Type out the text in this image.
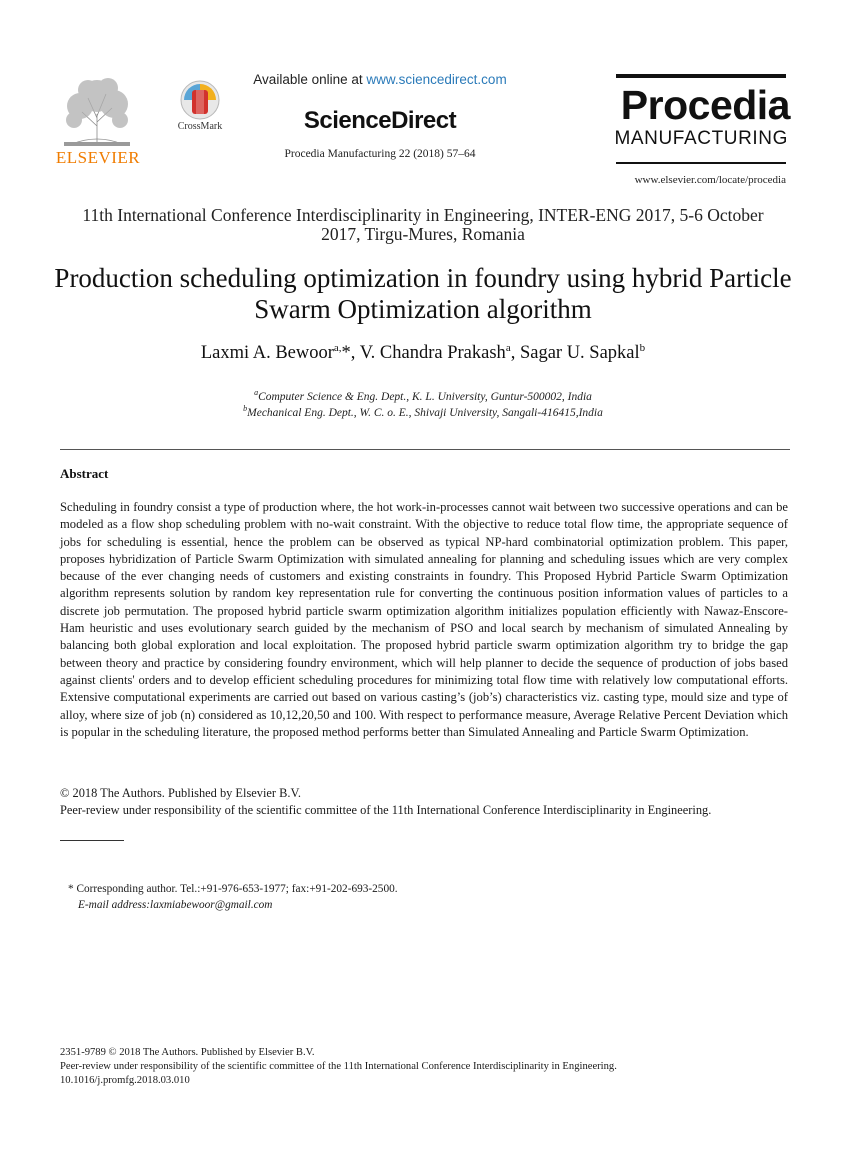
ELSEVIER
CrossMark
Available online at www.sciencedirect.com
ScienceDirect
Procedia Manufacturing 22 (2018) 57–64
Procedia
MANUFACTURING
www.elsevier.com/locate/procedia
11th International Conference Interdisciplinarity in Engineering, INTER-ENG 2017, 5-6 October
2017, Tirgu-Mures, Romania
Production scheduling optimization in foundry using hybrid Particle
Swarm Optimization algorithm
Laxmi A. Bewoor$^{a,}$*, V. Chandra Prakash$^a$, Sagar U. Sapkal$^b$
$^a$Computer Science & Eng. Dept., K. L. University, Guntur-500002, India
$^b$Mechanical Eng. Dept., W. C. o. E., Shivaji University, Sangali-416415,India
Abstract

Scheduling in foundry consist a type of production where, the hot work-in-processes cannot wait between two successive operations and can be modeled as a flow shop scheduling problem with no-wait constraint. With the objective to reduce total flow time, the appropriate sequence of jobs for scheduling is essential, hence the problem can be observed as typical NP-hard combinatorial optimization problem. This paper, proposes hybridization of Particle Swarm Optimization with simulated annealing for planning and scheduling issues which are very complex because of the ever changing needs of customers and existing constraints in foundry. This Proposed Hybrid Particle Swarm Optimization algorithm represents solution by random key representation rule for converting the continuous position information values of particles to a discrete job permutation. The proposed hybrid particle swarm optimization algorithm initializes population efficiently with Nawaz-Enscore-Ham heuristic and uses evolutionary search guided by the mechanism of PSO and local search by mechanism of simulated Annealing by balancing both global exploration and local exploitation. The proposed hybrid particle swarm optimization algorithm try to bridge the gap between theory and practice by considering foundry environment, which will help planner to decide the sequence of production of jobs based against clients' orders and to develop efficient scheduling procedures for minimizing total flow time with relatively low computational efforts. Extensive computational experiments are carried out based on various casting’s (job’s) characteristics viz. casting type, mould size and type of alloy, where size of job (n) considered as 10,12,20,50 and 100. With respect to performance measure, Average Relative Percent Deviation which is popular in the scheduling literature, the proposed method performs better than Simulated Annealing and Particle Swarm Optimization.

© 2018 The Authors. Published by Elsevier B.V.
Peer-review under responsibility of the scientific committee of the 11th International Conference Interdisciplinarity in Engineering.
* Corresponding author. Tel.:+91-976-653-1977; fax:+91-202-693-2500.
E-mail address:laxmiabewoor@gmail.com
2351-9789 © 2018 The Authors. Published by Elsevier B.V.
Peer-review under responsibility of the scientific committee of the 11th International Conference Interdisciplinarity in Engineering.
10.1016/j.promfg.2018.03.010
